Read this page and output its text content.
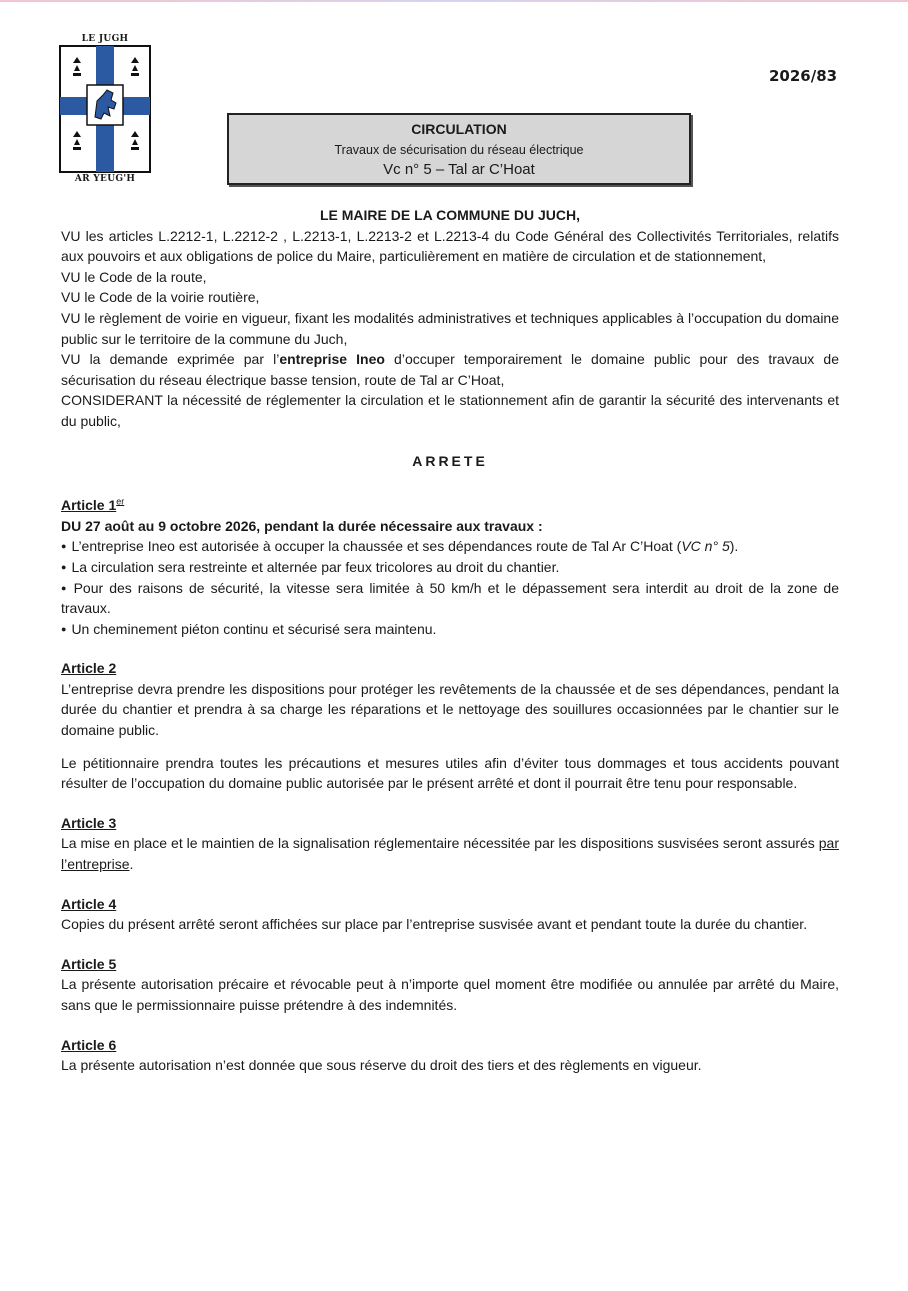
LE JUGH
AR YEUG'H
2026/83
CIRCULATION
Travaux de sécurisation du réseau électrique
Vc n° 5 – Tal ar C’Hoat
LE MAIRE DE LA COMMUNE DU JUCH,

VU les articles L.2212-1, L.2212-2 , L.2213-1, L.2213-2 et L.2213-4 du Code Général des Collectivités Territoriales, relatifs aux pouvoirs et aux obligations de police du Maire, particulièrement en matière de circulation et de stationnement,

VU le Code de la route,

VU le Code de la voirie routière,

VU le règlement de voirie en vigueur, fixant les modalités administratives et techniques applicables à l’occupation du domaine public sur le territoire de la commune du Juch,

VU la demande exprimée par l’entreprise Ineo d’occuper temporairement le domaine public pour des travaux de sécurisation du réseau électrique basse tension, route de Tal ar C’Hoat,

CONSIDERANT la nécessité de réglementer la circulation et le stationnement afin de garantir la sécurité des intervenants et du public,

ARRETE
Article 1er
DU 27 août au 9 octobre 2026, pendant la durée nécessaire aux travaux :
● L’entreprise Ineo est autorisée à occuper la chaussée et ses dépendances route de Tal Ar C’Hoat (VC n° 5).
● La circulation sera restreinte et alternée par feux tricolores au droit du chantier.
● Pour des raisons de sécurité, la vitesse sera limitée à 50 km/h et le dépassement sera interdit au droit de la zone de travaux.
● Un cheminement piéton continu et sécurisé sera maintenu.
Article 2

L’entreprise devra prendre les dispositions pour protéger les revêtements de la chaussée et de ses dépendances, pendant la durée du chantier et prendra à sa charge les réparations et le nettoyage des souillures occasionnées par le chantier sur le domaine public.

Le pétitionnaire prendra toutes les précautions et mesures utiles afin d’éviter tous dommages et tous accidents pouvant résulter de l’occupation du domaine public autorisée par le présent arrêté et dont il pourrait être tenu pour responsable.

Article 3

La mise en place et le maintien de la signalisation réglementaire nécessitée par les dispositions susvisées seront assurés par l’entreprise.

Article 4

Copies du présent arrêté seront affichées sur place par l’entreprise susvisée avant et pendant toute la durée du chantier.

Article 5

La présente autorisation précaire et révocable peut à n’importe quel moment être modifiée ou annulée par arrêté du Maire, sans que le permissionnaire puisse prétendre à des indemnités.

Article 6

La présente autorisation n’est donnée que sous réserve du droit des tiers et des règlements en vigueur.
